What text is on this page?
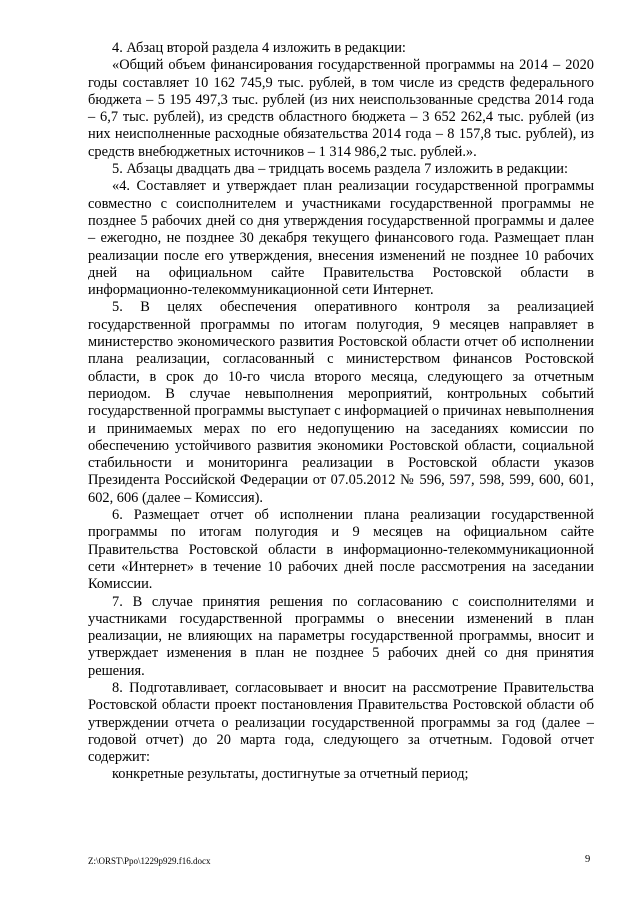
4. Абзац второй раздела 4 изложить в редакции:

«Общий объем финансирования государственной программы на 2014 – 2020 годы составляет 10 162 745,9 тыс. рублей, в том числе из средств федерального бюджета – 5 195 497,3 тыс. рублей (из них неиспользованные средства 2014 года – 6,7 тыс. рублей), из средств областного бюджета – 3 652 262,4 тыс. рублей (из них неисполненные расходные обязательства 2014 года – 8 157,8 тыс. рублей), из средств внебюджетных источников – 1 314 986,2 тыс. рублей.».

5. Абзацы двадцать два – тридцать восемь раздела 7 изложить в редакции:

«4. Составляет и утверждает план реализации государственной программы совместно с соисполнителем и участниками государственной программы не позднее 5 рабочих дней со дня утверждения государственной программы и далее – ежегодно, не позднее 30 декабря текущего финансового года. Размещает план реализации после его утверждения, внесения изменений не позднее 10 рабочих дней на официальном сайте Правительства Ростовской области в информационно-телекоммуникационной сети Интернет.

5. В целях обеспечения оперативного контроля за реализацией государственной программы по итогам полугодия, 9 месяцев направляет в министерство экономического развития Ростовской области отчет об исполнении плана реализации, согласованный с министерством финансов Ростовской области, в срок до 10-го числа второго месяца, следующего за отчетным периодом. В случае невыполнения мероприятий, контрольных событий государственной программы выступает с информацией о причинах невыполнения и принимаемых мерах по его недопущению на заседаниях комиссии по обеспечению устойчивого развития экономики Ростовской области, социальной стабильности и мониторинга реализации в Ростовской области указов Президента Российской Федерации от 07.05.2012 № 596, 597, 598, 599, 600, 601, 602, 606 (далее – Комиссия).

6. Размещает отчет об исполнении плана реализации государственной программы по итогам полугодия и 9 месяцев на официальном сайте Правительства Ростовской области в информационно-телекоммуникационной сети «Интернет» в течение 10 рабочих дней после рассмотрения на заседании Комиссии.

7. В случае принятия решения по согласованию с соисполнителями и участниками государственной программы о внесении изменений в план реализации, не влияющих на параметры государственной программы, вносит и утверждает изменения в план не позднее 5 рабочих дней со дня принятия решения.

8. Подготавливает, согласовывает и вносит на рассмотрение Правительства Ростовской области проект постановления Правительства Ростовской области об утверждении отчета о реализации государственной программы за год (далее – годовой отчет) до 20 марта года, следующего за отчетным. Годовой отчет содержит:

конкретные результаты, достигнутые за отчетный период;

Z:\ORST\Ppo\1229p929.f16.docx	9
